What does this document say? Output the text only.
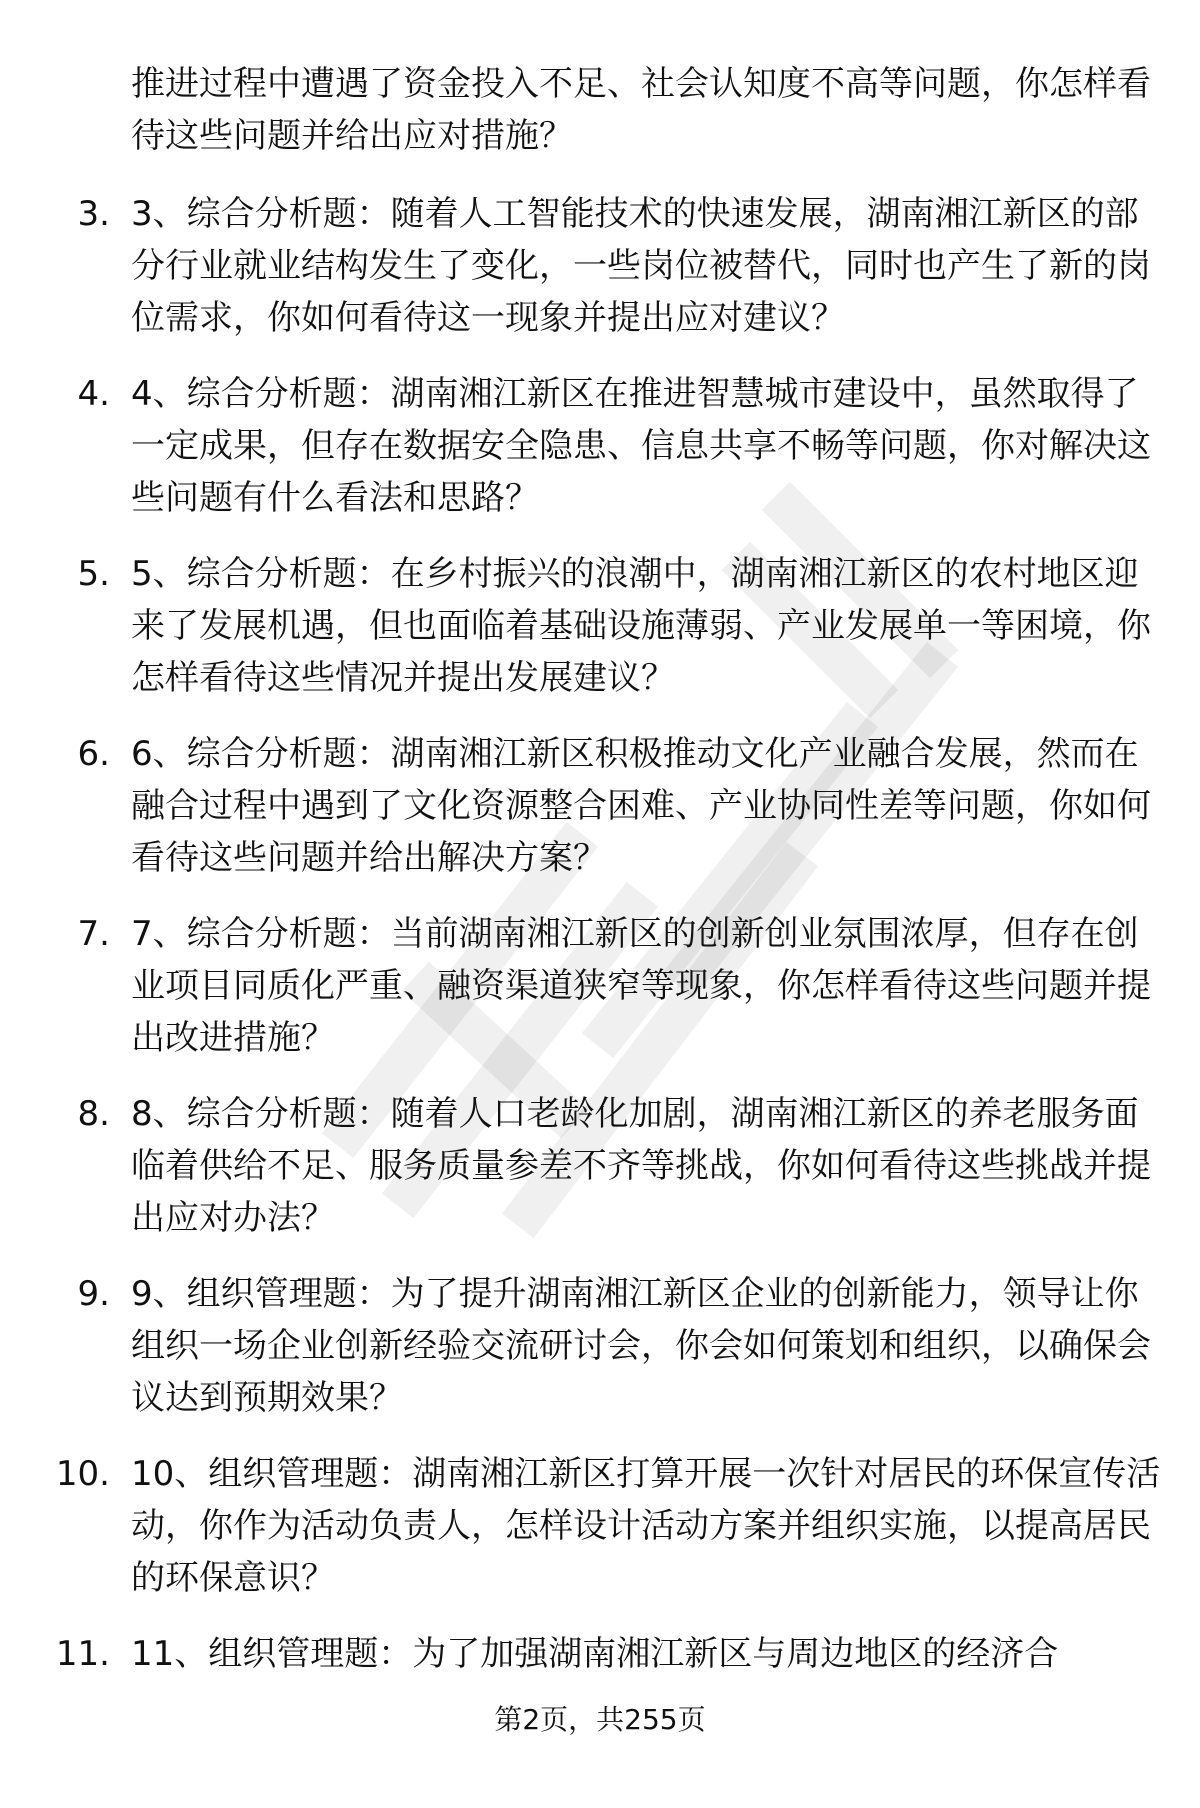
推进过程中遭遇了资金投入不足、社会认知度不高等问题，你怎样看待这些问题并给出应对措施？
3. 3、综合分析题：随着人工智能技术的快速发展，湖南湘江新区的部分行业就业结构发生了变化，一些岗位被替代，同时也产生了新的岗位需求，你如何看待这一现象并提出应对建议？
4. 4、综合分析题：湖南湘江新区在推进智慧城市建设中，虽然取得了一定成果，但存在数据安全隐患、信息共享不畅等问题，你对解决这些问题有什么看法和思路？
5. 5、综合分析题：在乡村振兴的浪潮中，湖南湘江新区的农村地区迎来了发展机遇，但也面临着基础设施薄弱、产业发展单一等困境，你怎样看待这些情况并提出发展建议？
6. 6、综合分析题：湖南湘江新区积极推动文化产业融合发展，然而在融合过程中遇到了文化资源整合困难、产业协同性差等问题，你如何看待这些问题并给出解决方案？
7. 7、综合分析题：当前湖南湘江新区的创新创业氛围浓厚，但存在创业项目同质化严重、融资渠道狭窄等现象，你怎样看待这些问题并提出改进措施？
8. 8、综合分析题：随着人口老龄化加剧，湖南湘江新区的养老服务面临着供给不足、服务质量参差不齐等挑战，你如何看待这些挑战并提出应对办法？
9. 9、组织管理题：为了提升湖南湘江新区企业的创新能力，领导让你组织一场企业创新经验交流研讨会，你会如何策划和组织，以确保会议达到预期效果？
10. 10、组织管理题：湖南湘江新区打算开展一次针对居民的环保宣传活动，你作为活动负责人，怎样设计活动方案并组织实施，以提高居民的环保意识？
11. 11、组织管理题：为了加强湖南湘江新区与周边地区的经济合
第2页，共255页
